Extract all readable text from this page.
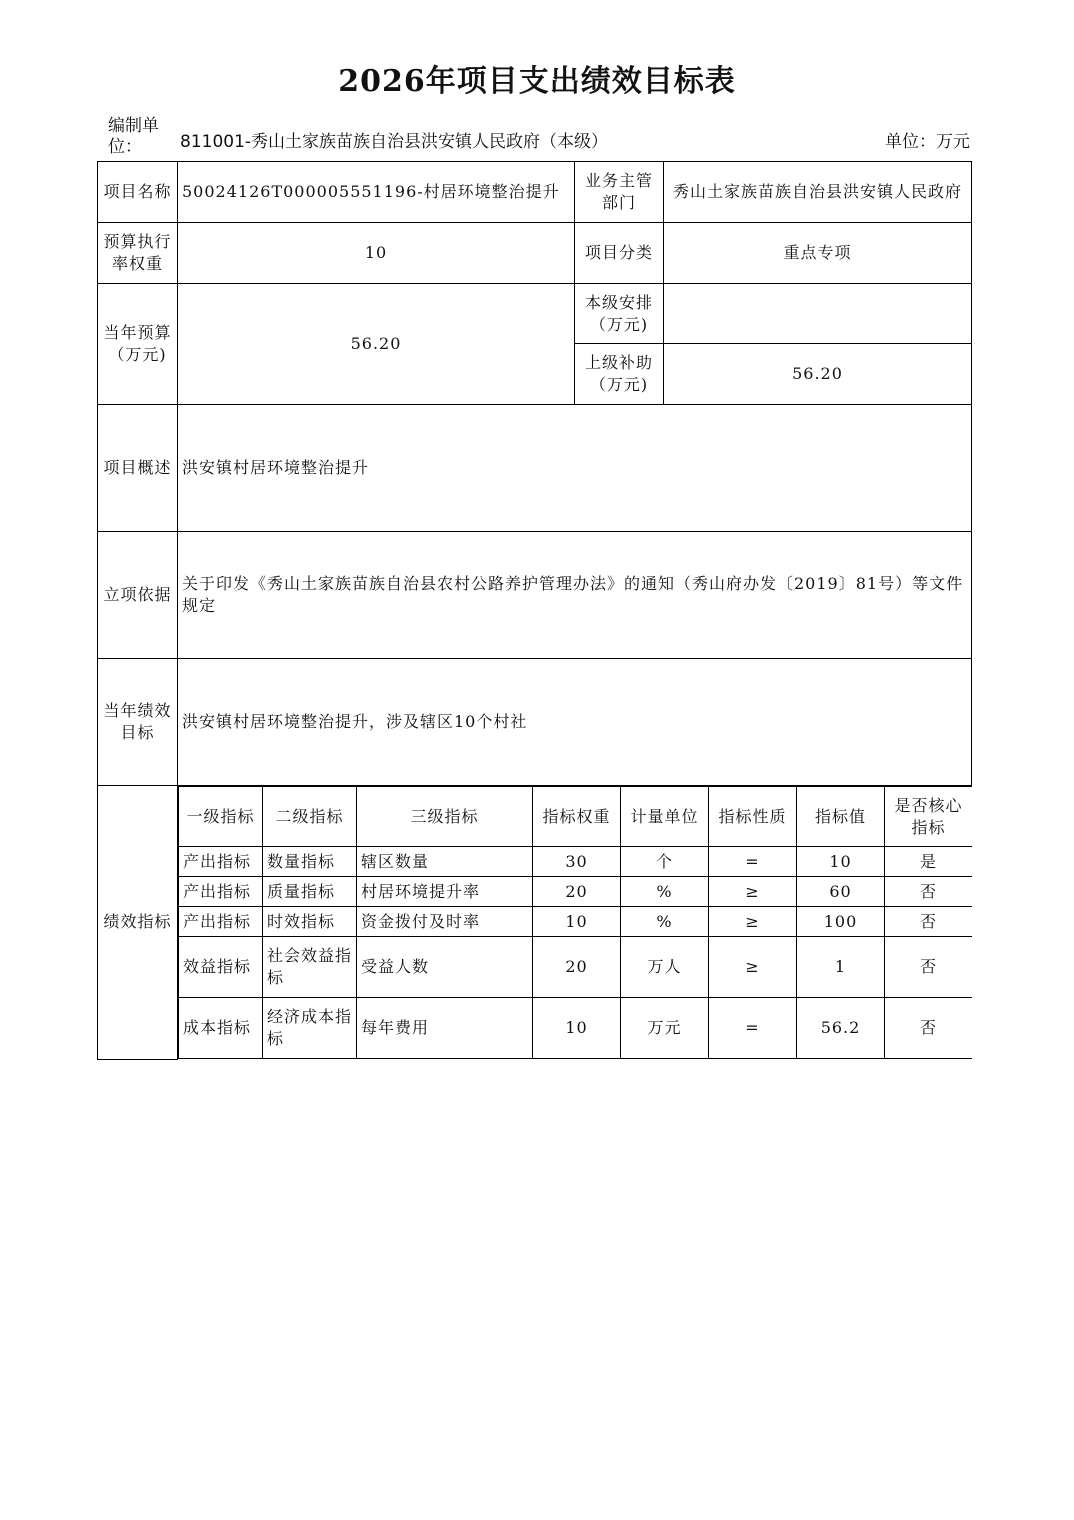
2026年项目支出绩效目标表
编制单位：	811001-秀山土家族苗族自治县洪安镇人民政府（本级）	单位：万元
项目名称	50024126T000005551196-村居环境整治提升	业务主管部门	秀山土家族苗族自治县洪安镇人民政府
预算执行率权重	10	项目分类	重点专项
当年预算（万元)	56.20	本级安排（万元)	
上级补助（万元)	56.20
项目概述	洪安镇村居环境整治提升
立项依据	关于印发《秀山土家族苗族自治县农村公路养护管理办法》的通知（秀山府办发〔2019〕81号）等文件规定
当年绩效目标	洪安镇村居环境整治提升，涉及辖区10个村社
绩效指标	
一级指标	二级指标	三级指标	指标权重	计量单位	指标性质	指标值	是否核心指标
产出指标	数量指标	辖区数量	30	个	=	10	是
产出指标	质量指标	村居环境提升率	20	%	≥	60	否
产出指标	时效指标	资金拨付及时率	10	%	≥	100	否
效益指标	社会效益指标	受益人数	20	万人	≥	1	否
成本指标	经济成本指标	每年费用	10	万元	=	56.2	否
